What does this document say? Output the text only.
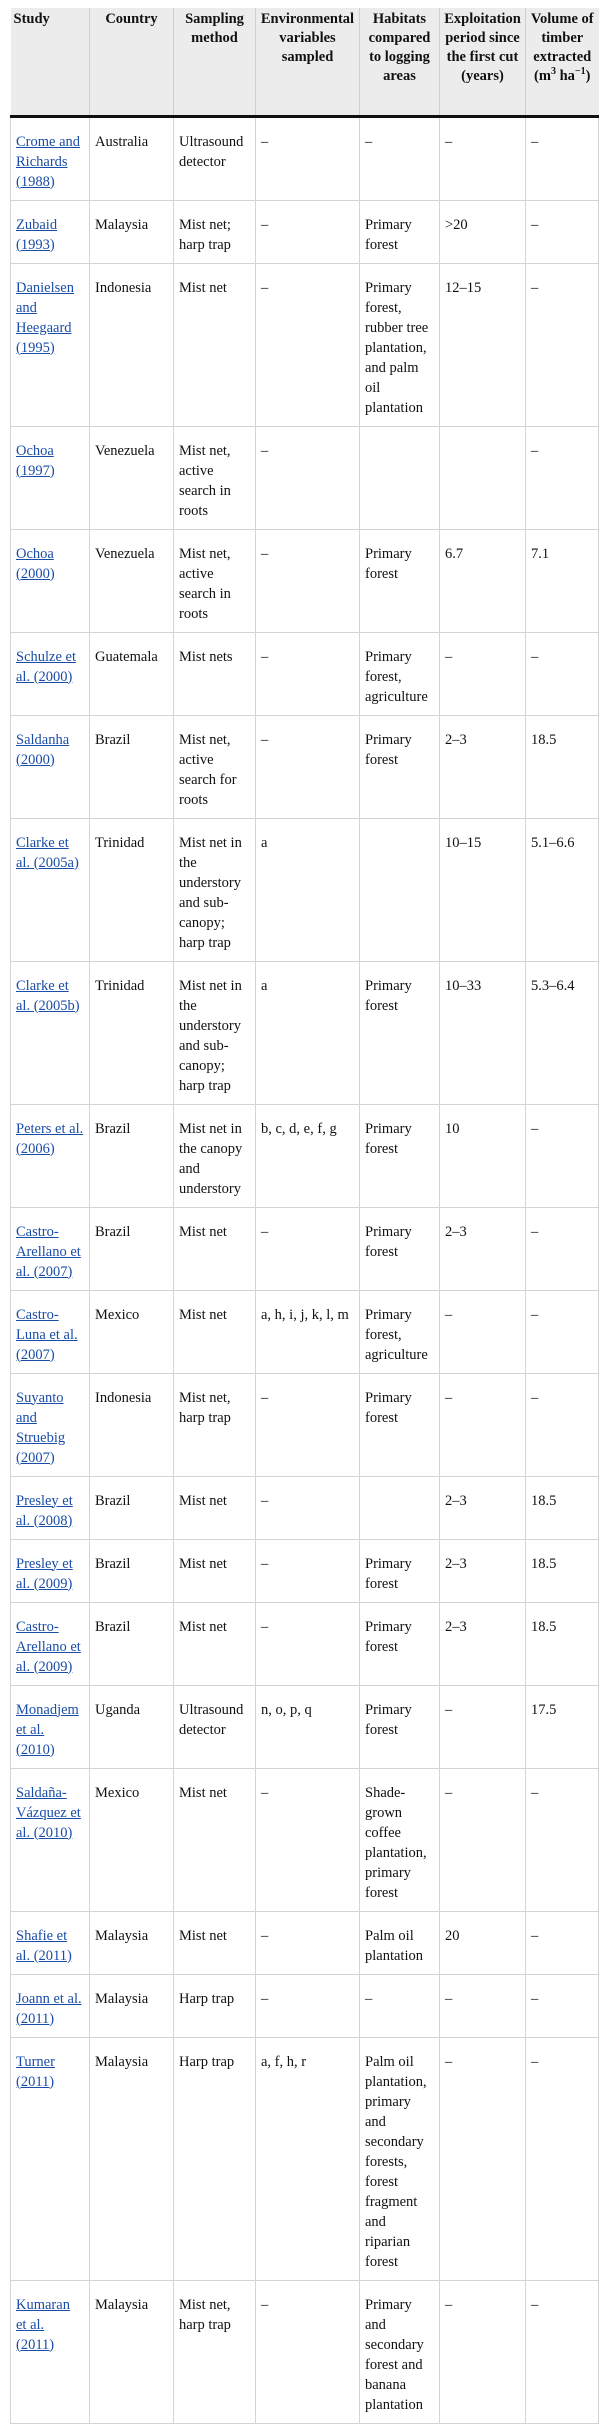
Study	Country	Sampling method	Environmental variables sampled	Habitats compared to logging areas	Exploitation period since the first cut (years)	Volume of timber extracted ($m^3$ $ha^{-1}$)
Crome and Richards (1988)	Australia	Ultrasound detector	–	–	–	–
Zubaid (1993)	Malaysia	Mist net; harp trap	–	Primary forest	>20	–
Danielsen and Heegaard (1995)	Indonesia	Mist net	–	Primary forest, rubber tree plantation, and palm oil plantation	12–15	–
Ochoa (1997)	Venezuela	Mist net, active search in roots	–			–
Ochoa (2000)	Venezuela	Mist net, active search in roots	–	Primary forest	6.7	7.1
Schulze et al. (2000)	Guatemala	Mist nets	–	Primary forest, agriculture	–	–
Saldanha (2000)	Brazil	Mist net, active search for roots	–	Primary forest	2–3	18.5
Clarke et al. (2005a)	Trinidad	Mist net in the understory and sub-canopy; harp trap	a		10–15	5.1–6.6
Clarke et al. (2005b)	Trinidad	Mist net in the understory and sub-canopy; harp trap	a	Primary forest	10–33	5.3–6.4
Peters et al. (2006)	Brazil	Mist net in the canopy and understory	b, c, d, e, f, g	Primary forest	10	–
Castro-Arellano et al. (2007)	Brazil	Mist net	–	Primary forest	2–3	–
Castro-Luna et al. (2007)	Mexico	Mist net	a, h, i, j, k, l, m	Primary forest, agriculture	–	–
Suyanto and Struebig (2007)	Indonesia	Mist net, harp trap	–	Primary forest	–	–
Presley et al. (2008)	Brazil	Mist net	–		2–3	18.5
Presley et al. (2009)	Brazil	Mist net	–	Primary forest	2–3	18.5
Castro-Arellano et al. (2009)	Brazil	Mist net	–	Primary forest	2–3	18.5
Monadjem et al. (2010)	Uganda	Ultrasound detector	n, o, p, q	Primary forest	–	17.5
Saldaña-Vázquez et al. (2010)	Mexico	Mist net	–	Shade-grown coffee plantation, primary forest	–	–
Shafie et al. (2011)	Malaysia	Mist net	–	Palm oil plantation	20	–
Joann et al. (2011)	Malaysia	Harp trap	–	–	–	–
Turner (2011)	Malaysia	Harp trap	a, f, h, r	Palm oil plantation, primary and secondary forests, forest fragment and riparian forest	–	–
Kumaran et al. (2011)	Malaysia	Mist net, harp trap	–	Primary and secondary forest and banana plantation	–	–
